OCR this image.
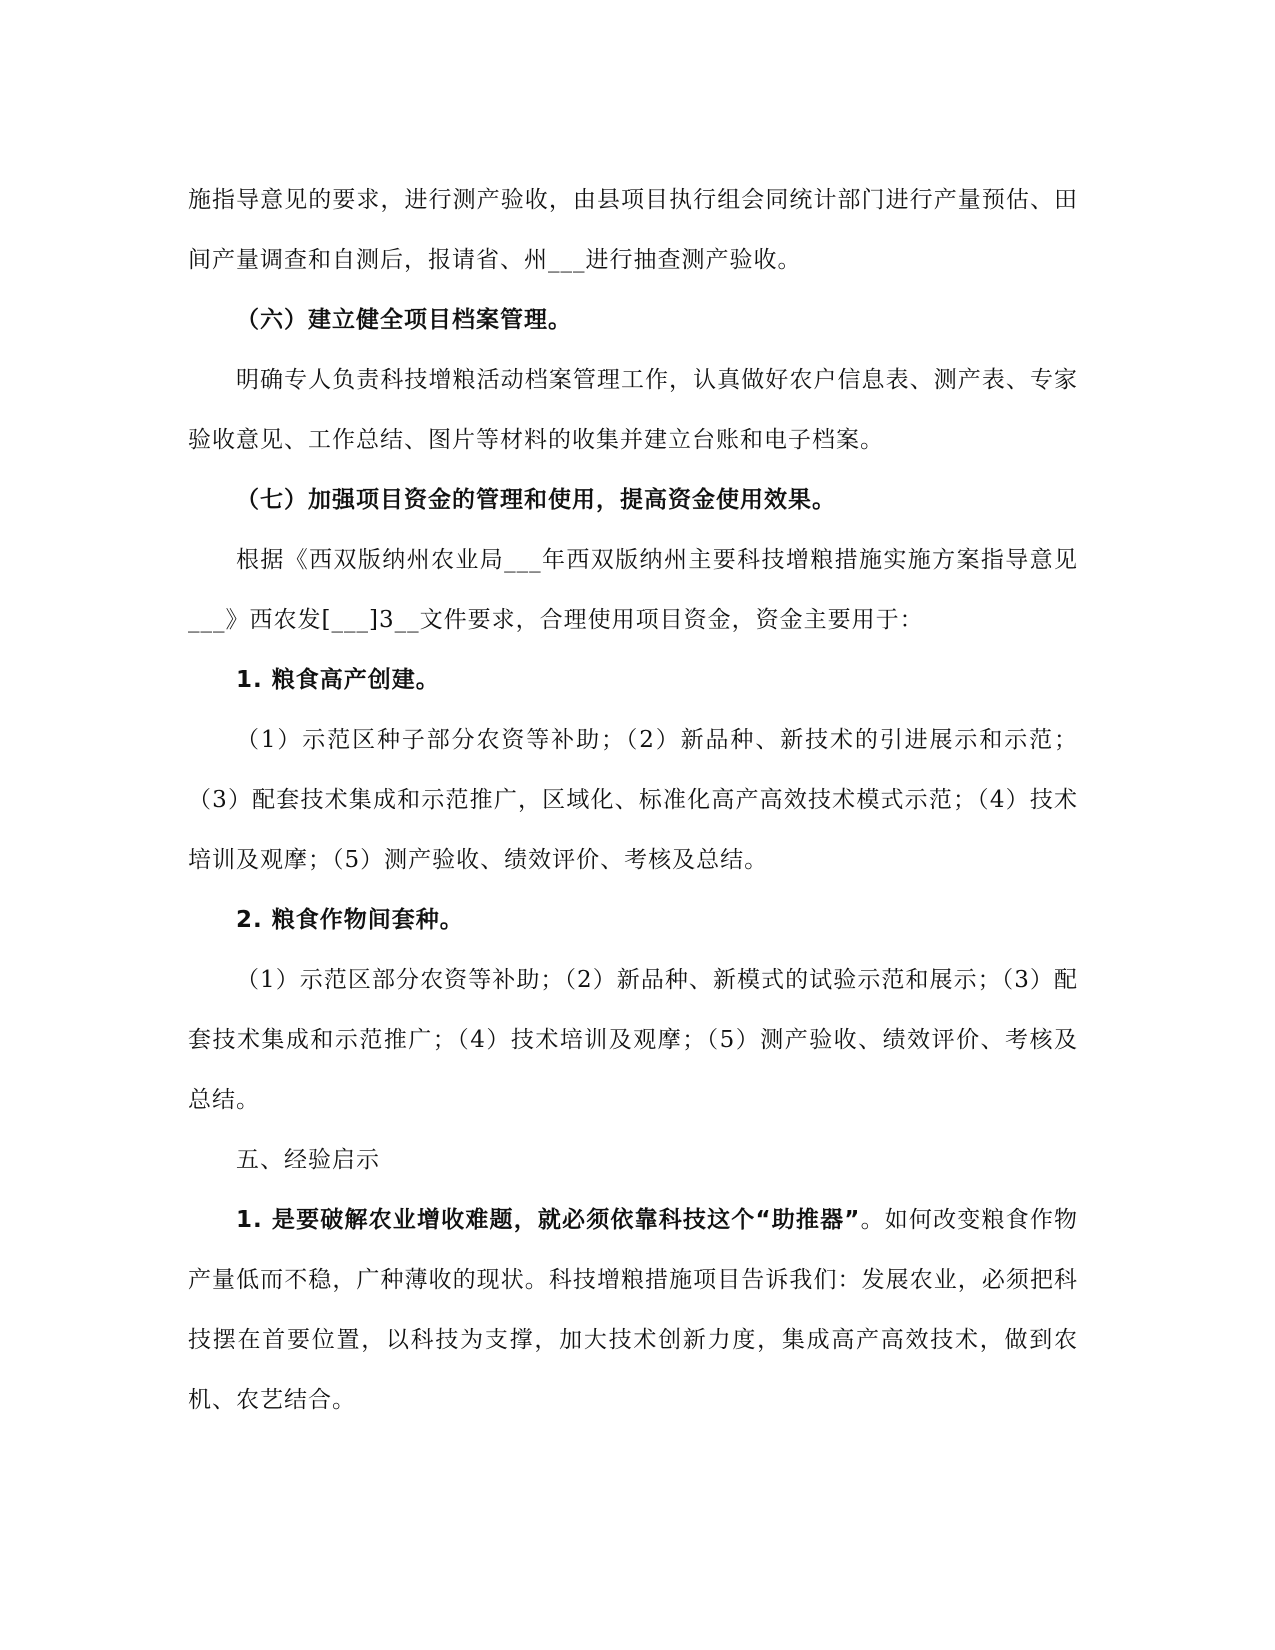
施指导意见的要求，进行测产验收，由县项目执行组会同统计部门进行产量预估、田间产量调查和自测后，报请省、州___进行抽查测产验收。

（六）建立健全项目档案管理。

明确专人负责科技增粮活动档案管理工作，认真做好农户信息表、测产表、专家验收意见、工作总结、图片等材料的收集并建立台账和电子档案。

（七）加强项目资金的管理和使用，提高资金使用效果。

根据《西双版纳州农业局___年西双版纳州主要科技增粮措施实施方案指导意见___》西农发[___]3__文件要求，合理使用项目资金，资金主要用于：

1. 粮食高产创建。

（1）示范区种子部分农资等补助；（2）新品种、新技术的引进展示和示范；（3）配套技术集成和示范推广，区域化、标准化高产高效技术模式示范；（4）技术培训及观摩；（5）测产验收、绩效评价、考核及总结。

2. 粮食作物间套种。

（1）示范区部分农资等补助；（2）新品种、新模式的试验示范和展示；（3）配套技术集成和示范推广；（4）技术培训及观摩；（5）测产验收、绩效评价、考核及总结。

五、经验启示

1. 是要破解农业增收难题，就必须依靠科技这个“助推器”。如何改变粮食作物产量低而不稳，广种薄收的现状。科技增粮措施项目告诉我们：发展农业，必须把科技摆在首要位置，以科技为支撑，加大技术创新力度，集成高产高效技术，做到农机、农艺结合。
